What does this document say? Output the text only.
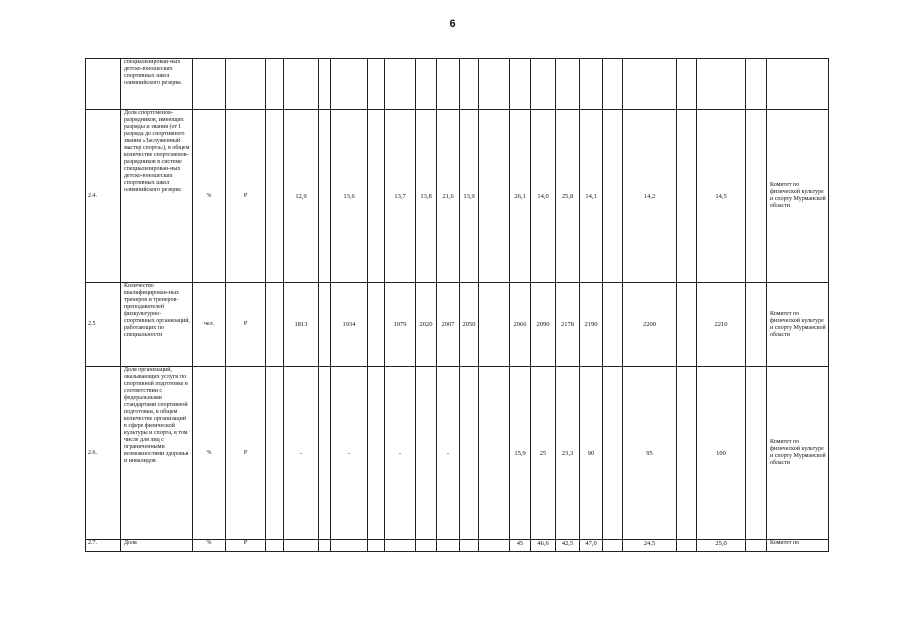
6
	специализирован-ных детско-юношеских спортивных школ олимпийского резерва																						
2.4.	Доля спортсменов-разрядников, имеющих разряды и звания (от I разряда до спортивного звания «Заслуженный мастер спорта»), в общем количестве спортсменов-разрядников в системе специализирован-ных детско-юношеских спортивных школ олимпийского резерва	%	Р		12,9		13,6		13,7	13,8	21,6	13,9		26,1	14,0	25,8	14,1		14,2		14,5		Комитет по физической культуре и спорту Мурманской области
2.5	Количество квалифицирован-ных тренеров и тренеров-преподавателей физкультурно-спортивных организаций, работающих по специальности	чел.	Р		1813		1934		1979	2020	2007	2050		2066	2090	2178	2190		2200		2210		Комитет по физической культуре и спорту Мурманской области
2.6.	Доля организаций, оказывающих услуги по спортивной подготовке в соответствии с федеральными стандартами спортивной подготовки, в общем количестве организаций в сфере физической культуры и спорта, в том числе для лиц с ограниченными возможностями здоровья и инвалидов	%	Р		-		-		-		-			15,9	25	23,3	90		95		100		Комитет по физической культуре и спорту Мурманской области
2.7.	Доля	%	Р											45	46,6	42,5	47,0		24,5		25,0		Комитет по
